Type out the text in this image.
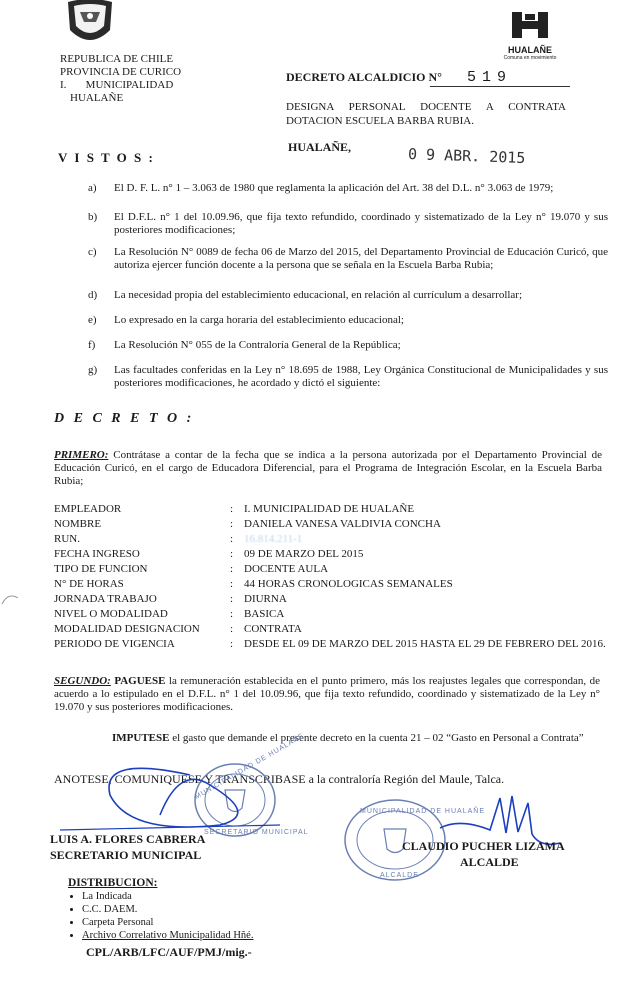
REPUBLICA DE CHILE
PROVINCIA DE CURICO
I.       MUNICIPALIDAD
HUALAÑE
HUALAÑE
Comuna en movimiento
DECRETO ALCALDICIO N° 519
DESIGNA PERSONAL DOCENTE A CONTRATA DOTACION ESCUELA BARBA RUBIA.
HUALAÑE,	0 9 ABR. 2015
V I S T O S :
a) El D. F. L. n° 1 – 3.063 de 1980 que reglamenta la aplicación del Art. 38 del D.L. n° 3.063 de 1979;
b) El D.F.L. n° 1 del 10.09.96, que fija texto refundido, coordinado y sistematizado de la Ley n° 19.070 y sus posteriores modificaciones;
c) La Resolución N° 0089 de fecha 06 de Marzo del 2015, del Departamento Provincial de Educación Curicó, que autoriza ejercer función docente a la persona que se señala en la Escuela Barba Rubia;
d) La necesidad propia del establecimiento educacional, en relación al currículum a desarrollar;
e) Lo expresado en la carga horaria del establecimiento educacional;
f) La Resolución N° 055 de la Contraloría General de la República;
g) Las facultades conferidas en la Ley n° 18.695 de 1988, Ley Orgánica Constitucional de Municipalidades y sus posteriores modificaciones, he acordado y dictó el siguiente:
D E C R E T O :
PRIMERO: Contrátase a contar de la fecha que se indica a la persona autorizada por el Departamento Provincial de Educación Curicó, en el cargo de Educadora Diferencial, para el Programa de Integración Escolar, en la Escuela Barba Rubia;
EMPLEADOR	: I. MUNICIPALIDAD DE HUALAÑE
NOMBRE	: DANIELA VANESA VALDIVIA CONCHA
RUN.	: 16.814.211-1
FECHA INGRESO	: 09 DE MARZO DEL 2015
TIPO DE FUNCION	: DOCENTE AULA
N° DE HORAS	: 44 HORAS CRONOLOGICAS SEMANALES
JORNADA TRABAJO	: DIURNA
NIVEL O MODALIDAD	: BASICA
MODALIDAD DESIGNACION	: CONTRATA
PERIODO DE VIGENCIA	: DESDE EL 09 DE MARZO DEL 2015 HASTA EL 29 DE FEBRERO DEL 2016.
SEGUNDO: PAGUESE la remuneración establecida en el punto primero, más los reajustes legales que correspondan, de acuerdo a lo estipulado en el D.F.L. n° 1 del 10.09.96, que fija texto refundido, coordinado y sistematizado de la Ley n° 19.070 y sus posteriores modificaciones.
IMPUTESE el gasto que demande el presente decreto en la cuenta 21 – 02 “Gasto en Personal a Contrata”
ANOTESE, COMUNIQUESE Y TRANSCRIBASE a la contraloría Región del Maule, Talca.
MUNICIPALIDAD DE HUALAÑE
SECRETARIO MUNICIPAL
MUNICIPALIDAD DE HUALAÑE
ALCALDE
LUIS A. FLORES CABRERA
SECRETARIO MUNICIPAL
CLAUDIO PUCHER LIZAMA
ALCALDE
DISTRIBUCION:
• La Indicada
• C.C. DAEM.
• Carpeta Personal
• Archivo Correlativo Municipalidad Hñé.
CPL/ARB/LFC/AUF/PMJ/mig.-
